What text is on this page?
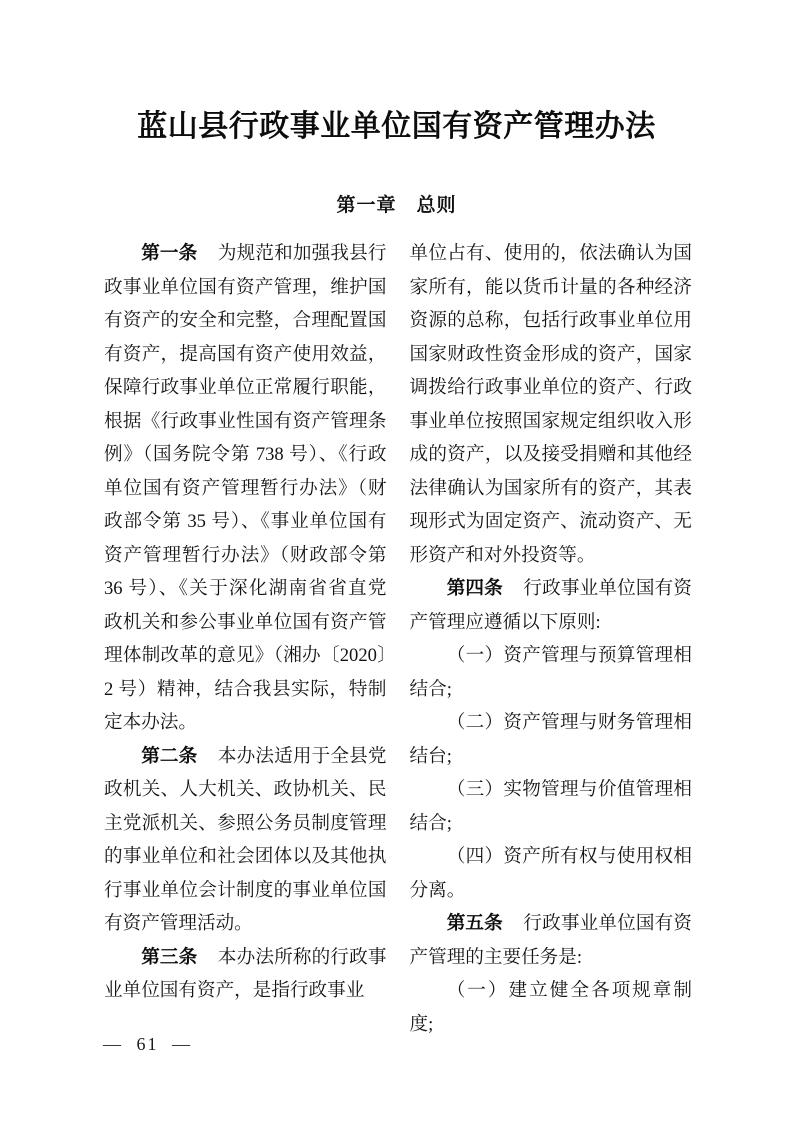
蓝山县行政事业单位国有资产管理办法
第一章　总则

第一条 为规范和加强我县行政事业单位国有资产管理，维护国有资产的安全和完整，合理配置国有资产，提高国有资产使用效益，保障行政事业单位正常履行职能，根据《行政事业性国有资产管理条例》（国务院令第 738 号）、《行政单位国有资产管理暂行办法》（财政部令第 35 号）、《事业单位国有资产管理暂行办法》（财政部令第 36 号）、《关于深化湖南省省直党政机关和参公事业单位国有资产管理体制改革的意见》（湘办〔2020〕2 号）精神，结合我县实际，特制定本办法。

第二条 本办法适用于全县党政机关、人大机关、政协机关、民主党派机关、参照公务员制度管理的事业单位和社会团体以及其他执行事业单位会计制度的事业单位国有资产管理活动。

第三条 本办法所称的行政事业单位国有资产，是指行政事业

单位占有、使用的，依法确认为国家所有，能以货币计量的各种经济资源的总称，包括行政事业单位用国家财政性资金形成的资产，国家调拨给行政事业单位的资产、行政事业单位按照国家规定组织收入形成的资产，以及接受捐赠和其他经法律确认为国家所有的资产，其表现形式为固定资产、流动资产、无形资产和对外投资等。

第四条 行政事业单位国有资产管理应遵循以下原则:

（一）资产管理与预算管理相结合;

（二）资产管理与财务管理相结台;

（三）实物管理与价值管理相结合;

（四）资产所有权与使用权相分离。

第五条 行政事业单位国有资产管理的主要任务是:

（一）建立健全各项规章制度;

— 61 —
